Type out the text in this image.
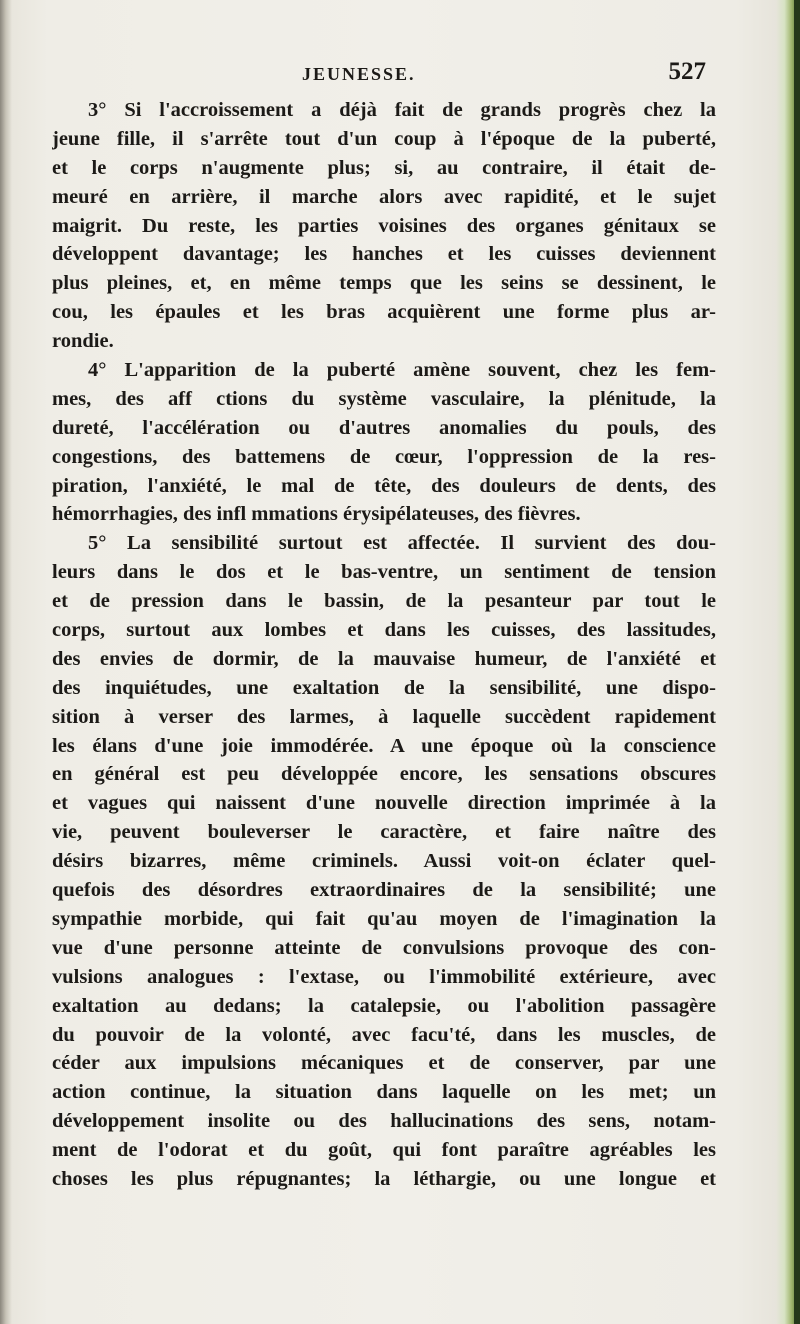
JEUNESSE.	527
3° Si l'accroissement a déjà fait de grands progrès chez la
jeune fille, il s'arrête tout d'un coup à l'époque de la puberté,
et le corps n'augmente plus; si, au contraire, il était de-
meuré en arrière, il marche alors avec rapidité, et le sujet
maigrit. Du reste, les parties voisines des organes génitaux se
développent davantage; les hanches et les cuisses deviennent
plus pleines, et, en même temps que les seins se dessinent, le
cou, les épaules et les bras acquièrent une forme plus ar-
rondie.
4° L'apparition de la puberté amène souvent, chez les fem-
mes, des aff ctions du système vasculaire, la plénitude, la
dureté, l'accélération ou d'autres anomalies du pouls, des
congestions, des battemens de cœur, l'oppression de la res-
piration, l'anxiété, le mal de tête, des douleurs de dents, des
hémorrhagies, des infl mmations érysipélateuses, des fièvres.
5° La sensibilité surtout est affectée. Il survient des dou-
leurs dans le dos et le bas-ventre, un sentiment de tension
et de pression dans le bassin, de la pesanteur par tout le
corps, surtout aux lombes et dans les cuisses, des lassitudes,
des envies de dormir, de la mauvaise humeur, de l'anxiété et
des inquiétudes, une exaltation de la sensibilité, une dispo-
sition à verser des larmes, à laquelle succèdent rapidement
les élans d'une joie immodérée. A une époque où la conscience
en général est peu développée encore, les sensations obscures
et vagues qui naissent d'une nouvelle direction imprimée à la
vie, peuvent bouleverser le caractère, et faire naître des
désirs bizarres, même criminels. Aussi voit-on éclater quel-
quefois des désordres extraordinaires de la sensibilité; une
sympathie morbide, qui fait qu'au moyen de l'imagination la
vue d'une personne atteinte de convulsions provoque des con-
vulsions analogues : l'extase, ou l'immobilité extérieure, avec
exaltation au dedans; la catalepsie, ou l'abolition passagère
du pouvoir de la volonté, avec facu'té, dans les muscles, de
céder aux impulsions mécaniques et de conserver, par une
action continue, la situation dans laquelle on les met; un
développement insolite ou des hallucinations des sens, notam-
ment de l'odorat et du goût, qui font paraître agréables les
choses les plus répugnantes; la léthargie, ou une longue et
